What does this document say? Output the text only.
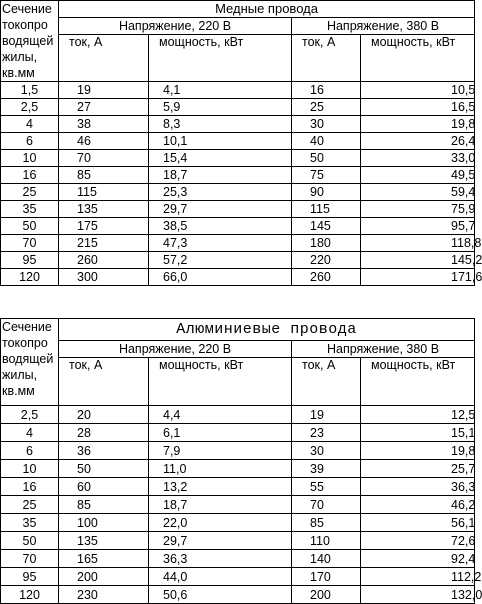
Сечение
токопро
водящей
жилы,
кв.мм	Медные провода			
	Напряжение, 220 В		Напряжение, 380 В	
	ток, А	мощность, кВт	ток, А	мощность, кВт
1,5	19	4,1	16	10,5
2,5	27	5,9	25	16,5
4	38	8,3	30	19,8
6	46	10,1	40	26,4
10	70	15,4	50	33,0
16	85	18,7	75	49,5
25	115	25,3	90	59,4
35	135	29,7	115	75,9
50	175	38,5	145	95,7
70	215	47,3	180	118,8
95	260	57,2	220	145,2
120	300	66,0	260	171,6
Сечение
токопро
водящей
жилы,
кв.мм	Алюминиевые провода			
	Напряжение, 220 В		Напряжение, 380 В	
	ток, А	мощность, кВт	ток, А	мощность, кВт
2,5	20	4,4	19	12,5
4	28	6,1	23	15,1
6	36	7,9	30	19,8
10	50	11,0	39	25,7
16	60	13,2	55	36,3
25	85	18,7	70	46,2
35	100	22,0	85	56,1
50	135	29,7	110	72,6
70	165	36,3	140	92,4
95	200	44,0	170	112,2
120	230	50,6	200	132,0
